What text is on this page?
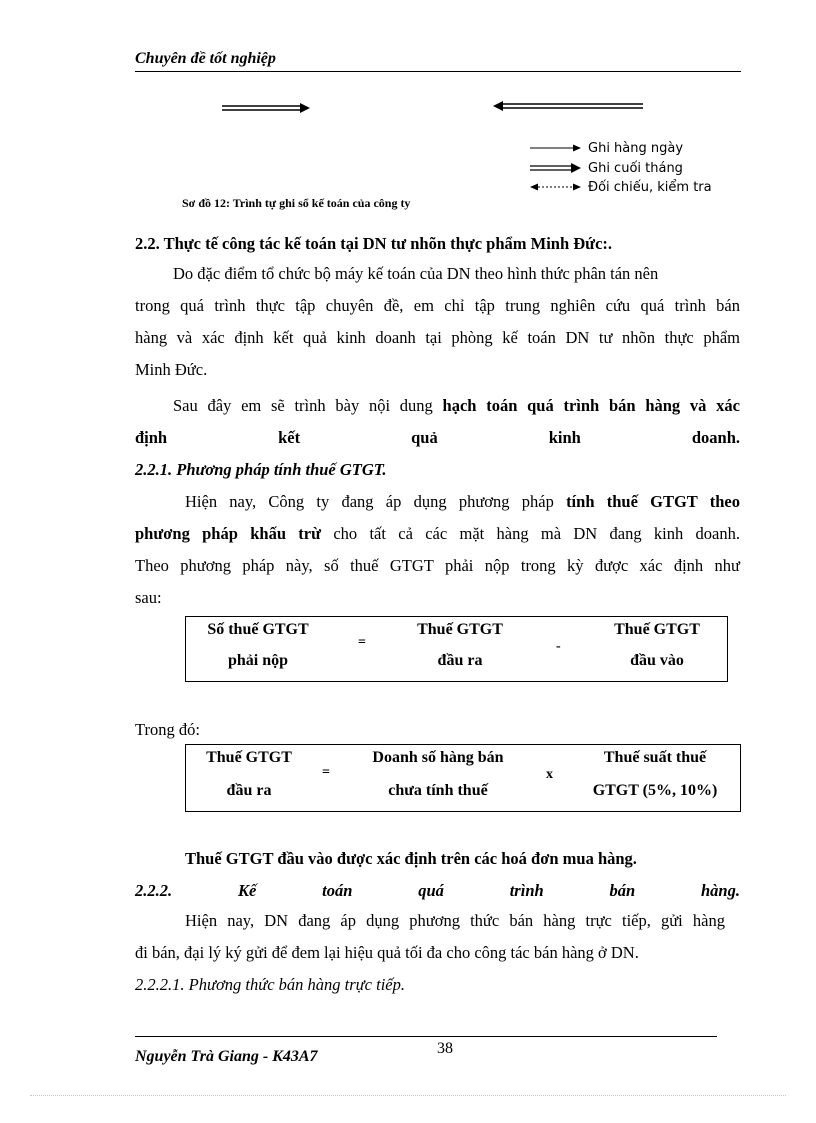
Chuyên đề tốt nghiệp
Ghi hàng ngày
Ghi cuối tháng
Đối chiếu, kiểm tra
Sơ đồ 12: Trình tự ghi sổ kế toán của công ty
2.2. Thực tế công tác kế toán tại DN tư nhõn thực phẩm Minh Đức:.
Do đặc điểm tổ chức bộ máy kế toán của DN theo hình thức phân tán nên
trong quá trình thực tập chuyên đề, em chỉ tập trung nghiên cứu quá trình bán
hàng và xác định kết quả kinh doanh tại phòng kế toán DN tư nhõn thực phẩm
Minh Đức.
Sau đây em sẽ trình bày nội dung hạch toán quá trình bán hàng và xác
định kết quả kinh doanh.
2.2.1. Phương pháp tính thuế GTGT.
Hiện nay, Công ty đang áp dụng phương pháp tính thuế GTGT theo
phương pháp khấu trừ cho tất cả các mặt hàng mà DN đang kinh doanh.
Theo phương pháp này, số thuế GTGT phải nộp trong kỳ được xác định như
sau:
Số thuế GTGT
phải nộp
=
Thuế GTGT
đầu ra
-
Thuế GTGT
đầu vào
Trong đó:
Thuế GTGT
đầu ra
=
Doanh số hàng bán
chưa tính thuế
x
Thuế suất thuế
GTGT (5%, 10%)
Thuế GTGT đầu vào được xác định trên các hoá đơn mua hàng.
2.2.2. Kế toán quá trình bán hàng.
Hiện nay, DN đang áp dụng phương thức bán hàng trực tiếp, gửi hàng
đi bán, đại lý ký gửi để đem lại hiệu quả tối đa cho công tác bán hàng ở DN.
2.2.2.1. Phương thức bán hàng trực tiếp.
38
Nguyễn Trà Giang - K43A7
